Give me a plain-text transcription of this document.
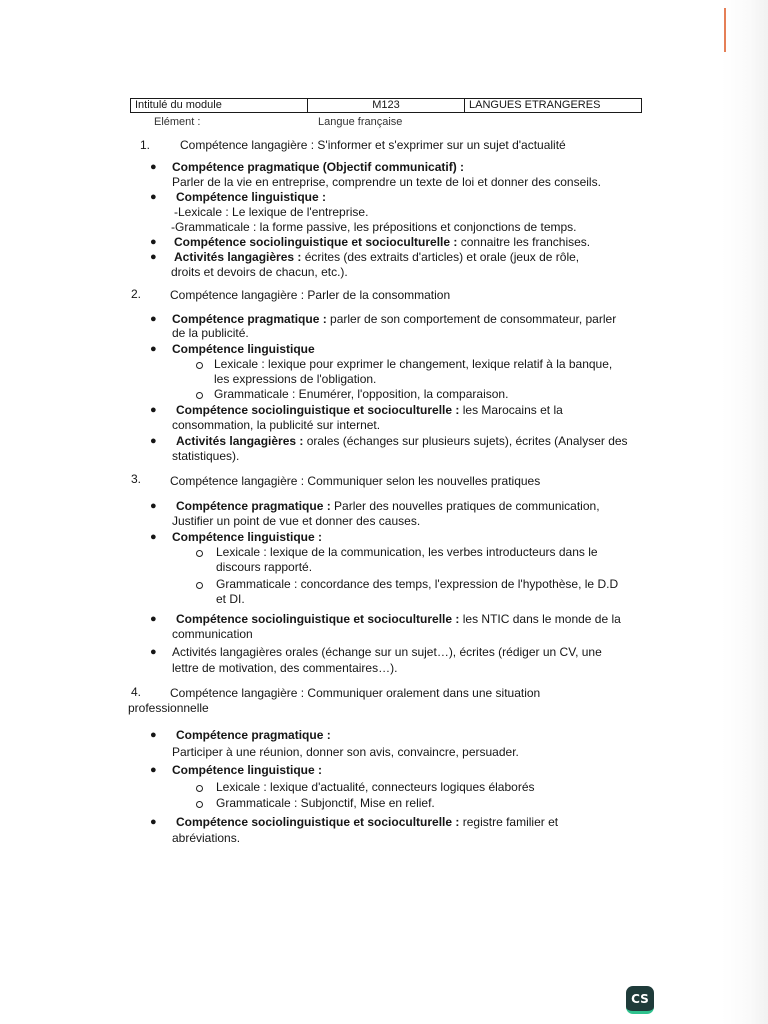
Intitulé du module	M123	LANGUES ETRANGERES
Elément :	Langue française
1. Compétence langagière : S'informer et s'exprimer sur un sujet d'actualité
● Compétence pragmatique (Objectif communicatif) :
Parler de la vie en entreprise, comprendre un texte de loi et donner des conseils.
● Compétence linguistique :
-Lexicale : Le lexique de l'entreprise.
-Grammaticale : la forme passive, les prépositions et conjonctions de temps.
● Compétence sociolinguistique et socioculturelle : connaitre les franchises.
● Activités langagières : écrites (des extraits d'articles) et orale (jeux de rôle,
droits et devoirs de chacun, etc.).
2. Compétence langagière : Parler de la consommation
● Compétence pragmatique : parler de son comportement de consommateur, parler
de la publicité.
● Compétence linguistique
Lexicale : lexique pour exprimer le changement, lexique relatif à la banque,
les expressions de l'obligation.
Grammaticale : Enumérer, l'opposition, la comparaison.
● Compétence sociolinguistique et socioculturelle : les Marocains et la
consommation, la publicité sur internet.
● Activités langagières : orales (échanges sur plusieurs sujets), écrites (Analyser des
statistiques).
3. Compétence langagière : Communiquer selon les nouvelles pratiques
● Compétence pragmatique : Parler des nouvelles pratiques de communication,
Justifier un point de vue et donner des causes.
● Compétence linguistique :
Lexicale : lexique de la communication, les verbes introducteurs dans le
discours rapporté.
Grammaticale : concordance des temps, l'expression de l'hypothèse, le D.D
et DI.
● Compétence sociolinguistique et socioculturelle : les NTIC dans le monde de la
communication
● Activités langagières orales (échange sur un sujet…), écrites (rédiger un CV, une
lettre de motivation, des commentaires…).
4. Compétence langagière : Communiquer oralement dans une situation
professionnelle
● Compétence pragmatique :
Participer à une réunion, donner son avis, convaincre, persuader.
● Compétence linguistique :
Lexicale : lexique d'actualité, connecteurs logiques élaborés
Grammaticale : Subjonctif, Mise en relief.
● Compétence sociolinguistique et socioculturelle : registre familier et
abréviations.
CS
